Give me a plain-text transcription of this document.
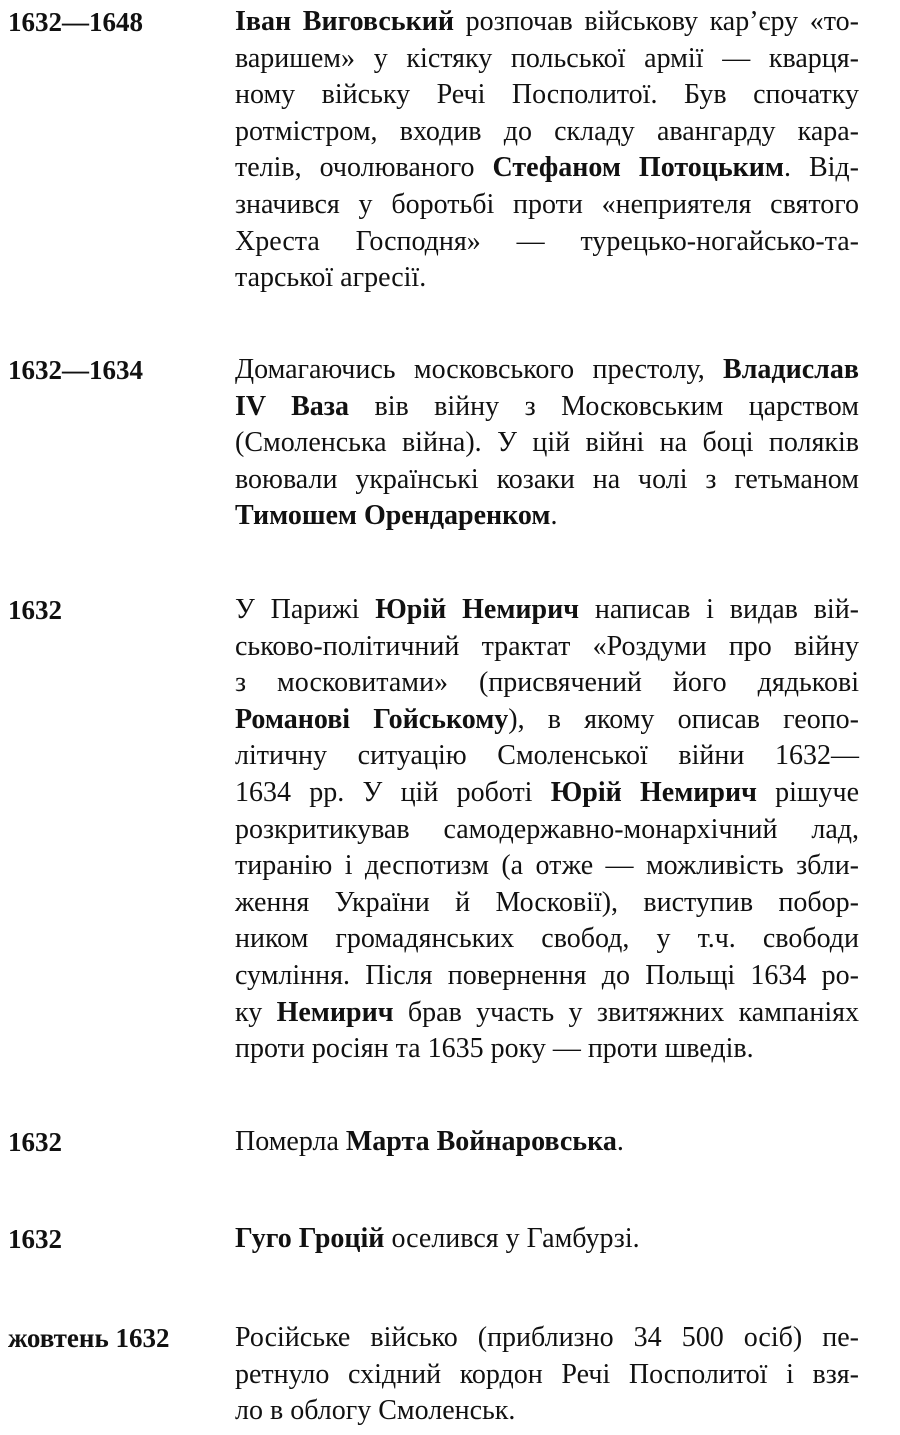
1632—1648	Іван Виговський розпочав військову кар’єру «то-
варишем» у кістяку польської армії — кварця-
ному війську Речі Посполитої. Був спочатку
ротмістром, входив до складу авангарду кара-
телів, очолюваного Стефаном Потоцьким. Від-
значився у боротьбі проти «неприятеля святого
Хреста Господня» — турецько-ногайсько-та-
тарської агресії.
1632—1634	Домагаючись московського престолу, Владислав
IV Ваза вів війну з Московським царством
(Смоленська війна). У цій війні на боці поляків
воювали українські козаки на чолі з гетьманом
Тимошем Орендаренком.
1632	У Парижі Юрій Немирич написав і видав вій-
ськово-політичний трактат «Роздуми про війну
з московитами» (присвячений його дядькові
Романові Гойському), в якому описав геопо-
літичну ситуацію Смоленської війни 1632—
1634 рр. У цій роботі Юрій Немирич рішуче
розкритикував самодержавно-монархічний лад,
тиранію і деспотизм (а отже — можливість збли-
ження України й Московії), виступив побор-
ником громадянських свобод, у т.ч. свободи
сумління. Після повернення до Польщі 1634 ро-
ку Немирич брав участь у звитяжних кампаніях
проти росіян та 1635 року — проти шведів.
1632	Померла Марта Войнаровська.
1632	Гуго Гроцій оселився у Гамбурзі.
жовтень 1632 Російське військо (приблизно 34 500 осіб) пе-
ретнуло східний кордон Речі Посполитої і взя-
ло в облогу Смоленськ.
